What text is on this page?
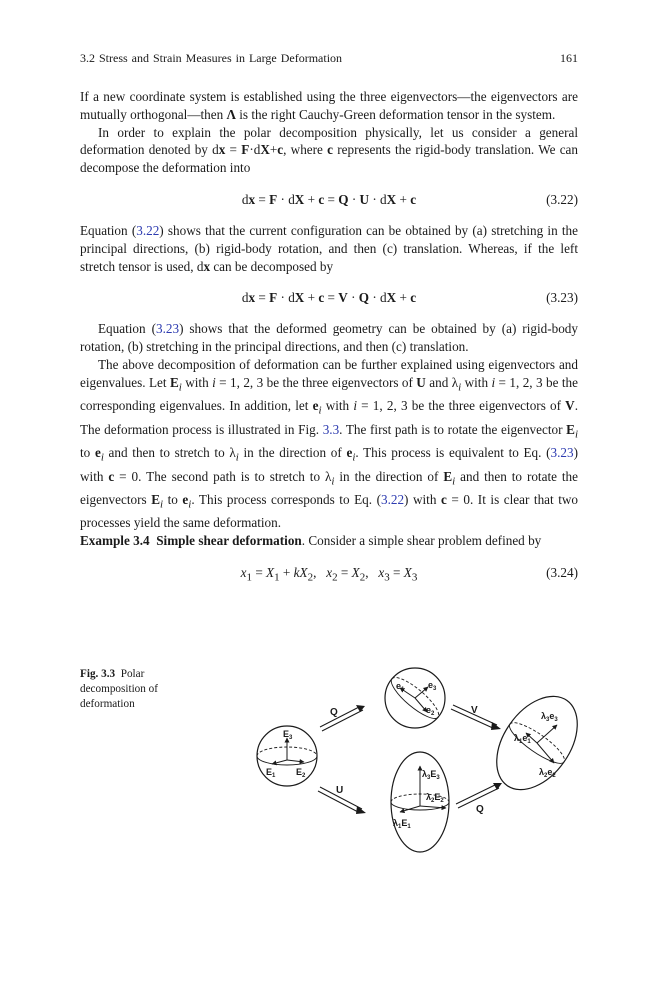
3.2 Stress and Strain Measures in Large Deformation	161

If a new coordinate system is established using the three eigenvectors—the eigenvectors are mutually orthogonal—then Λ is the right Cauchy-Green deformation tensor in the system.

In order to explain the polar decomposition physically, let us consider a general deformation denoted by dx = F·dX+c, where c represents the rigid-body translation. We can decompose the deformation into

dx = F · dX + c = Q · U · dX + c	(3.22)

Equation (3.22) shows that the current configuration can be obtained by (a) stretching in the principal directions, (b) rigid-body rotation, and then (c) translation. Whereas, if the left stretch tensor is used, dx can be decomposed by

dx = F · dX + c = V · Q · dX + c	(3.23)

Equation (3.23) shows that the deformed geometry can be obtained by (a) rigid-body rotation, (b) stretching in the principal directions, and then (c) translation.

The above decomposition of deformation can be further explained using eigenvectors and eigenvalues. Let $E_i$ with i = 1, 2, 3 be the three eigenvectors of U and $\lambda_i$ with i = 1, 2, 3 be the corresponding eigenvalues. In addition, let $e_i$ with i = 1, 2, 3 be the three eigenvectors of V. The deformation process is illustrated in Fig. 3.3. The first path is to rotate the eigenvector $E_i$ to $e_i$ and then to stretch to $\lambda_i$ in the direction of $e_i$. This process is equivalent to Eq. (3.23) with c = 0. The second path is to stretch to $\lambda_i$ in the direction of $E_i$ and then to rotate the eigenvectors $E_i$ to $e_i$. This process corresponds to Eq. (3.22) with c = 0. It is clear that two processes yield the same deformation.

Example 3.4 Simple shear deformation. Consider a simple shear problem defined by

$x_1 = X_1 + kX_2$,   $x_2 = X_2$,   $x_3 = X_3$	(3.24)
Fig. 3.3 Polar decomposition of deformation
$E_3$
$E_1$ $E_2$
$e_3$
$e_1$
$e_2$
$\lambda_3E_3$
$\lambda_2E_2$
$\lambda_1E_1$
$\lambda_3e_3$
$\lambda_1e_1$
$\lambda_2e_2$
Q	V
U
Q
